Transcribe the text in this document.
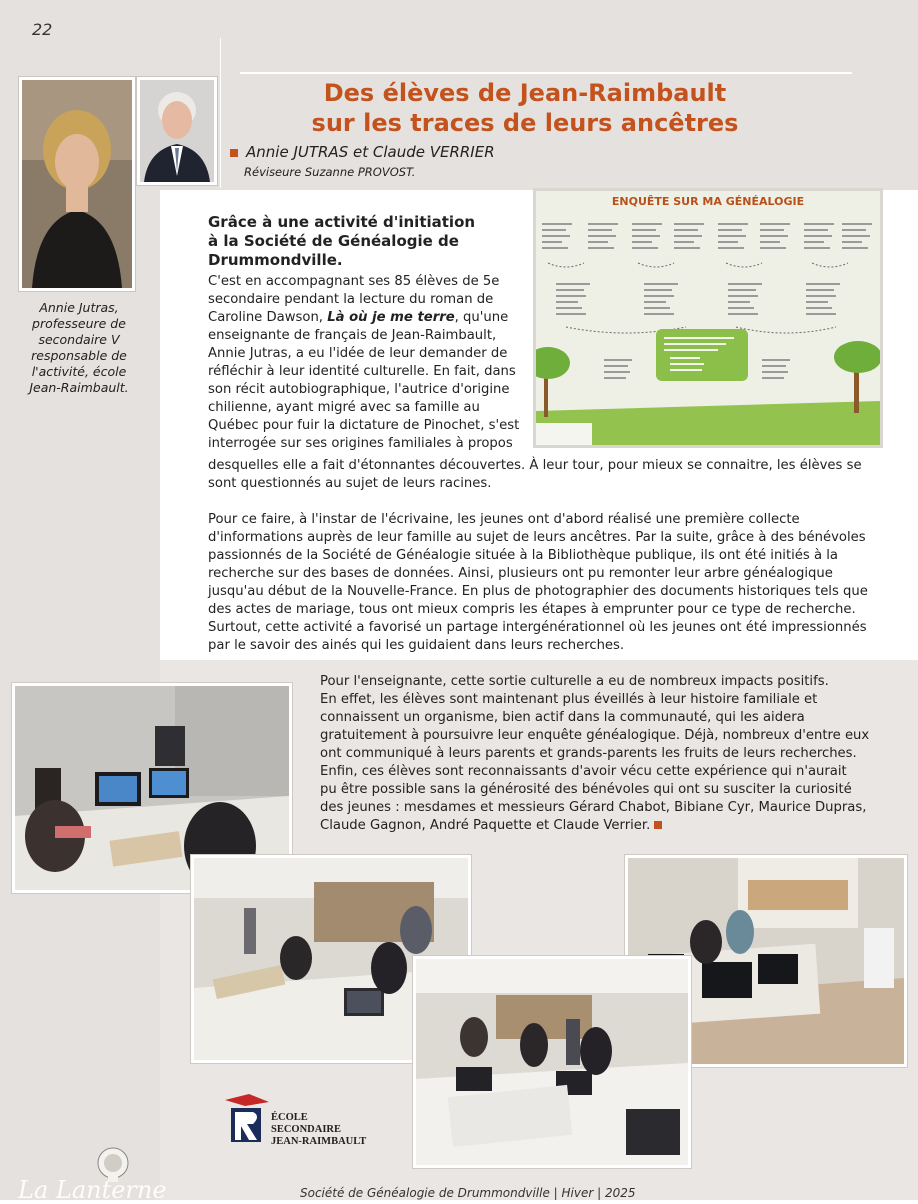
22
Des élèves de Jean-Raimbault
sur les traces de leurs ancêtres
Annie JUTRAS et Claude VERRIER
Réviseure Suzanne PROVOST.
Annie Jutras,
professeure de
secondaire V
responsable de
l'activité, école
Jean-Raimbault.
Grâce à une activité d'initiation
à la Société de Généalogie de
Drummondville.
C'est en accompagnant ses 85 élèves de 5e
secondaire pendant la lecture du roman de
Caroline Dawson, Là où je me terre, qu'une
enseignante de français de Jean-Raimbault,
Annie Jutras, a eu l'idée de leur demander de
réfléchir à leur identité culturelle. En fait, dans
son récit autobiographique, l'autrice d'origine
chilienne, ayant migré avec sa famille au
Québec pour fuir la dictature de Pinochet, s'est
interrogée sur ses origines familiales à propos
desquelles elle a fait d'étonnantes découvertes. À leur tour, pour mieux se connaitre, les élèves se
sont questionnés au sujet de leurs racines.
ENQUÊTE SUR MA GÉNÉALOGIE
Pour ce faire, à l'instar de l'écrivaine, les jeunes ont d'abord réalisé une première collecte
d'informations auprès de leur famille au sujet de leurs ancêtres. Par la suite, grâce à des bénévoles
passionnés de la Société de Généalogie située à la Bibliothèque publique, ils ont été initiés à la
recherche sur des bases de données. Ainsi, plusieurs ont pu remonter leur arbre généalogique
jusqu'au début de la Nouvelle-France. En plus de photographier des documents historiques tels que
des actes de mariage, tous ont mieux compris les étapes à emprunter pour ce type de recherche.
Surtout, cette activité a favorisé un partage intergénérationnel où les jeunes ont été impressionnés
par le savoir des ainés qui les guidaient dans leurs recherches.
Pour l'enseignante, cette sortie culturelle a eu de nombreux impacts positifs.
En effet, les élèves sont maintenant plus éveillés à leur histoire familiale et
connaissent un organisme, bien actif dans la communauté, qui les aidera
gratuitement à poursuivre leur enquête généalogique. Déjà, nombreux d'entre eux
ont communiqué à leurs parents et grands-parents les fruits de leurs recherches.
Enfin, ces élèves sont reconnaissants d'avoir vécu cette expérience qui n'aurait
pu être possible sans la générosité des bénévoles qui ont su susciter la curiosité
des jeunes : mesdames et messieurs Gérard Chabot, Bibiane Cyr, Maurice Dupras,
Claude Gagnon, André Paquette et Claude Verrier.
ÉCOLE SECONDAIRE
JEAN-RAIMBAULT
La Lanterne	Société de Généalogie de Drummondville | Hiver | 2025
